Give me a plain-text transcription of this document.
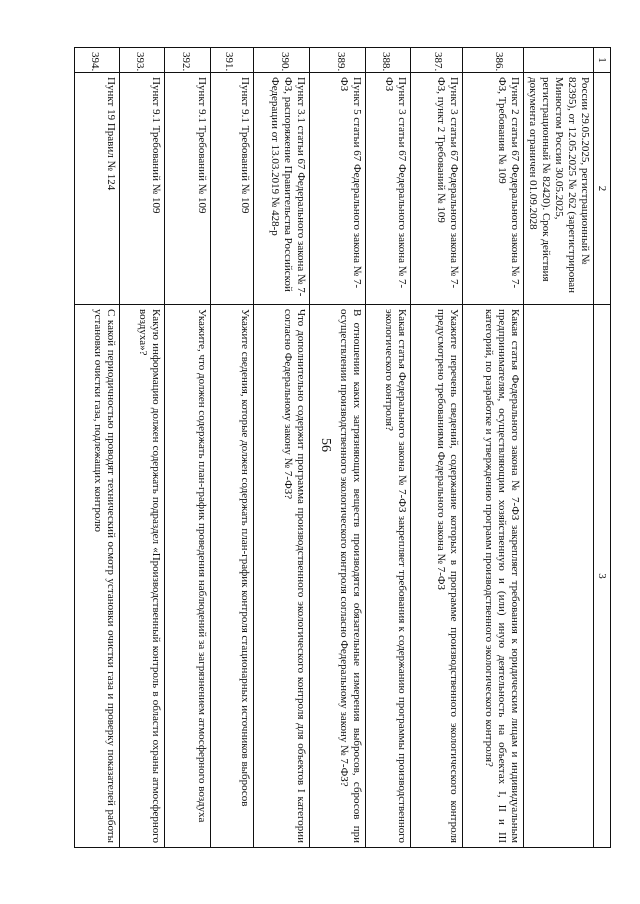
56
1	2	3
	России 29.05.2025, регистрационный № 82395), от 12.05.2025 № 262 (зарегистрирован Минюстом России 30.05.2025, регистрационный № 82420). Срок действия документа ограничен 01.09.2028	
386.	Пункт 2 статьи 67 Федерального закона № 7-ФЗ, Требования № 109	Какая статья Федерального закона № 7-ФЗ закрепляет требования к юридическим лицам и индивидуальным предпринимателям, осуществляющим хозяйственную и (или) иную деятельность на объектах I, II и III категорий, по разработке и утверждению программ производственного экологического контроля?
387.	Пункт 3 статьи 67 Федерального закона № 7-ФЗ, пункт 2 Требований № 109	Укажите перечень сведений, содержание которых в программе производственного экологического контроля предусмотрено требованиями Федерального закона № 7-ФЗ
388.	Пункт 3 статьи 67 Федерального закона № 7-ФЗ	Какая статья Федерального закона № 7-ФЗ закрепляет требования к содержанию программы производственного экологического контроля?
389.	Пункт 5 статьи 67 Федерального закона № 7-ФЗ	В отношении каких загрязняющих веществ производятся обязательные измерения выбросов, сбросов при осуществлении производственного экологического контроля согласно Федеральному закону № 7-ФЗ?
390.	Пункт 3.1 статьи 67 Федерального закона № 7-ФЗ, распоряжение Правительства Российской Федерации от 13.03.2019 № 428-р	Что дополнительно содержит программа производственного экологического контроля для объектов I категории согласно Федеральному закону № 7-ФЗ?
391.	Пункт 9.1 Требований № 109	Укажите сведения, которые должен содержать план-график контроля стационарных источников выбросов
392.	Пункт 9.1 Требований № 109	Укажите, что должен содержать план-график проведения наблюдений за загрязнением атмосферного воздуха
393.	Пункт 9.1 Требований № 109	Какую информацию должен содержать подраздел «Производственный контроль в области охраны атмосферного воздуха»?
394.	Пункт 19 Правил № 124	С какой периодичностью проводят технический осмотр установки очистки газа и проверку показателей работы установки очистки газа, подлежащих контролю
